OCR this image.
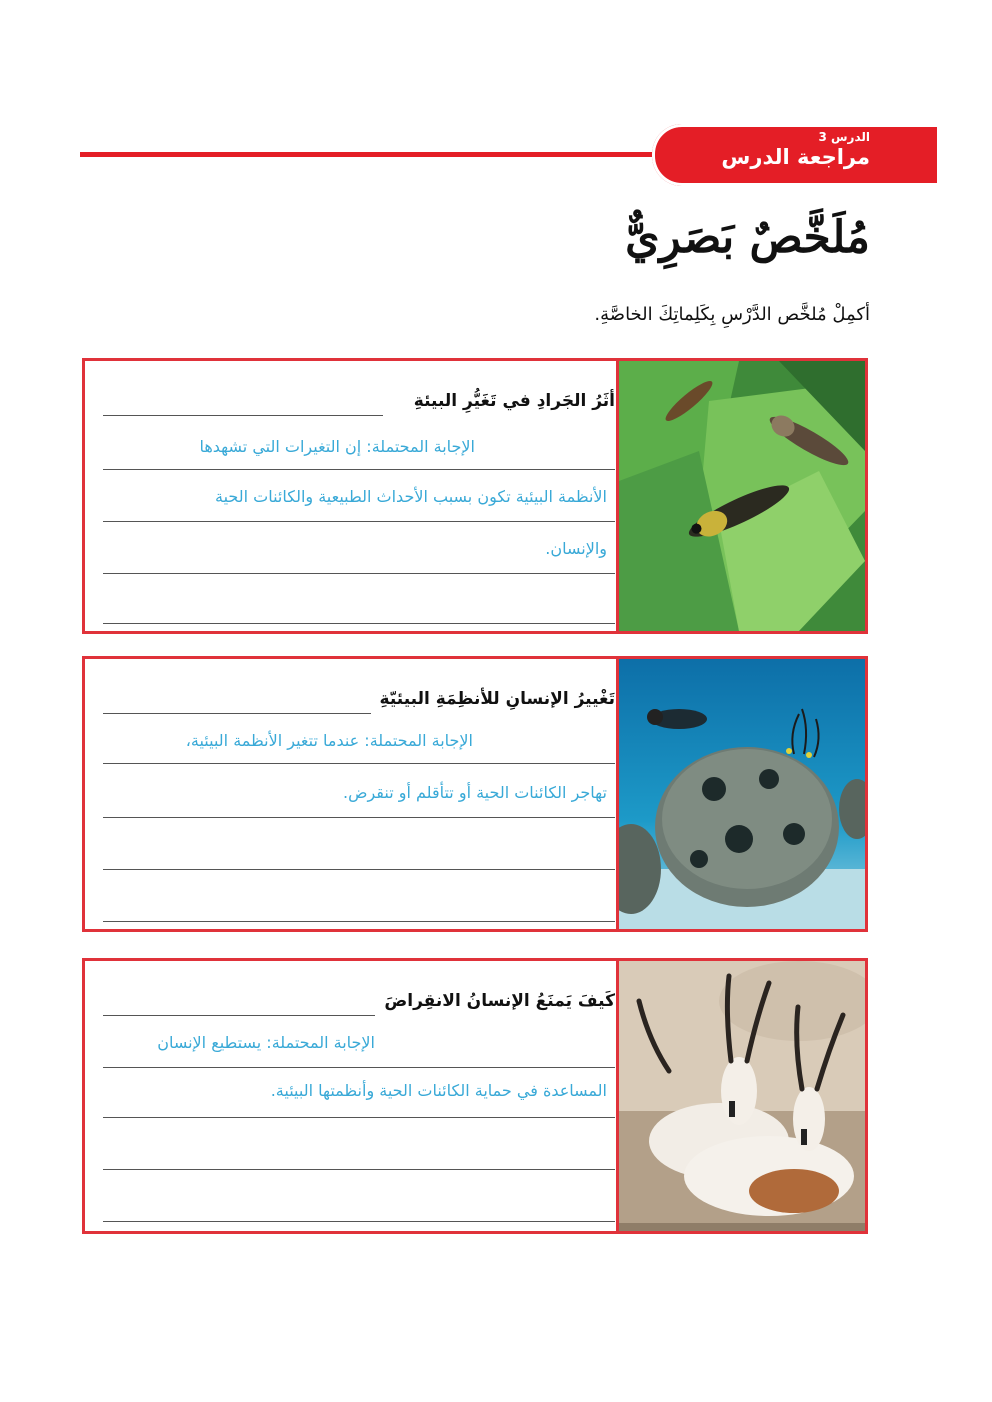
الدرس 3
مراجعة الدرس
مُلَخَّصٌ بَصَرِيٌّ
أكمِلْ مُلخَّص الدَّرْسِ بِكَلِماتِكَ الخاصَّةِ.
أثَرُ الجَرادِ في تَغَيُّرِ البيئةِ
الإجابة المحتملة: إن التغيرات التي تشهدها
الأنظمة البيئية تكون بسبب الأحداث الطبيعية والكائنات الحية
والإنسان.
تَغْييرُ الإنسانِ للأنظِمَةِ البيئيّةِ
الإجابة المحتملة: عندما تتغير الأنظمة البيئية،
تهاجر الكائنات الحية أو تتأقلم أو تنقرض.
كَيفَ يَمنَعُ الإنسانُ الانقِراضَ
الإجابة المحتملة: يستطيع الإنسان
المساعدة في حماية الكائنات الحية وأنظمتها البيئية.
